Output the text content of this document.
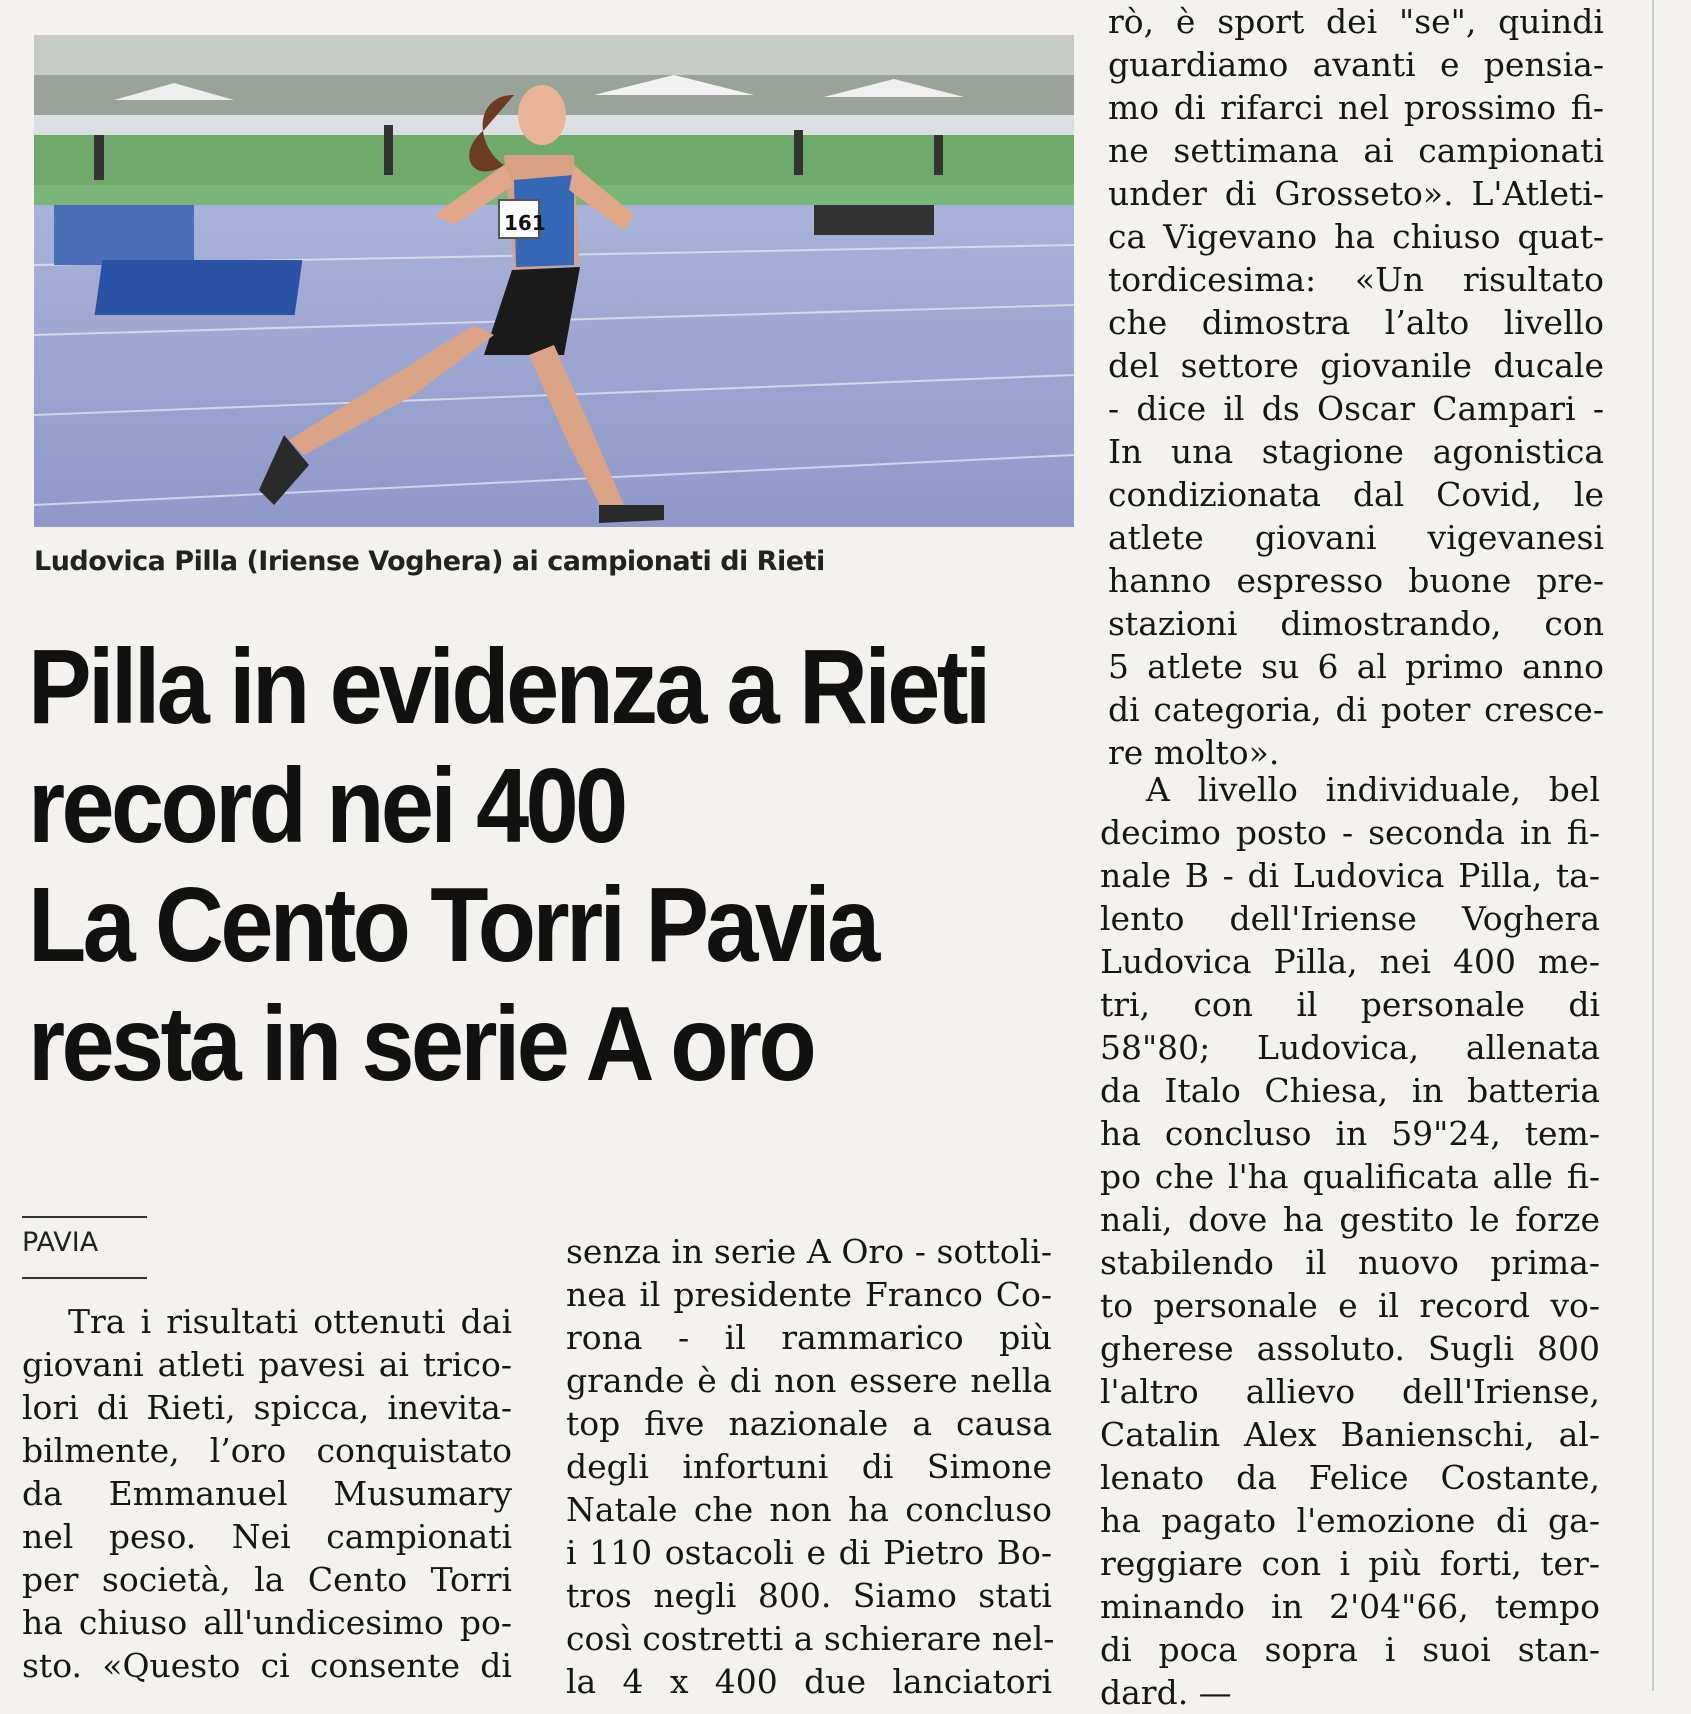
161
Ludovica Pilla (Iriense Voghera) ai campionati di Rieti
Pilla in evidenza a Rieti
record nei 400
La Cento Torri Pavia
resta in serie A oro
PAVIA
Tra i risultati ottenuti dai
giovani atleti pavesi ai trico-
lori di Rieti, spicca, inevita-
bilmente, l’oro conquistato
da Emmanuel Musumary
nel peso. Nei campionati
per società, la Cento Torri
ha chiuso all'undicesimo po-
sto. «Questo ci consente di
senza in serie A Oro - sottoli-
nea il presidente Franco Co-
rona - il rammarico più
grande è di non essere nella
top five nazionale a causa
degli infortuni di Simone
Natale che non ha concluso
i 110 ostacoli e di Pietro Bo-
tros negli 800. Siamo stati
così costretti a schierare nel-
la 4 x 400 due lanciatori
rò, è sport dei "se", quindi
guardiamo avanti e pensia-
mo di rifarci nel prossimo fi-
ne settimana ai campionati
under di Grosseto». L'Atleti-
ca Vigevano ha chiuso quat-
tordicesima: «Un risultato
che dimostra l’alto livello
del settore giovanile ducale
- dice il ds Oscar Campari -
In una stagione agonistica
condizionata dal Covid, le
atlete giovani vigevanesi
hanno espresso buone pre-
stazioni dimostrando, con
5 atlete su 6 al primo anno
di categoria, di poter cresce-
re molto».
A livello individuale, bel
decimo posto - seconda in fi-
nale B - di Ludovica Pilla, ta-
lento dell'Iriense Voghera
Ludovica Pilla, nei 400 me-
tri, con il personale di
58"80; Ludovica, allenata
da Italo Chiesa, in batteria
ha concluso in 59"24, tem-
po che l'ha qualificata alle fi-
nali, dove ha gestito le forze
stabilendo il nuovo prima-
to personale e il record vo-
gherese assoluto. Sugli 800
l'altro allievo dell'Iriense,
Catalin Alex Banienschi, al-
lenato da Felice Costante,
ha pagato l'emozione di ga-
reggiare con i più forti, ter-
minando in 2'04"66, tempo
di poca sopra i suoi stan-
dard. —
